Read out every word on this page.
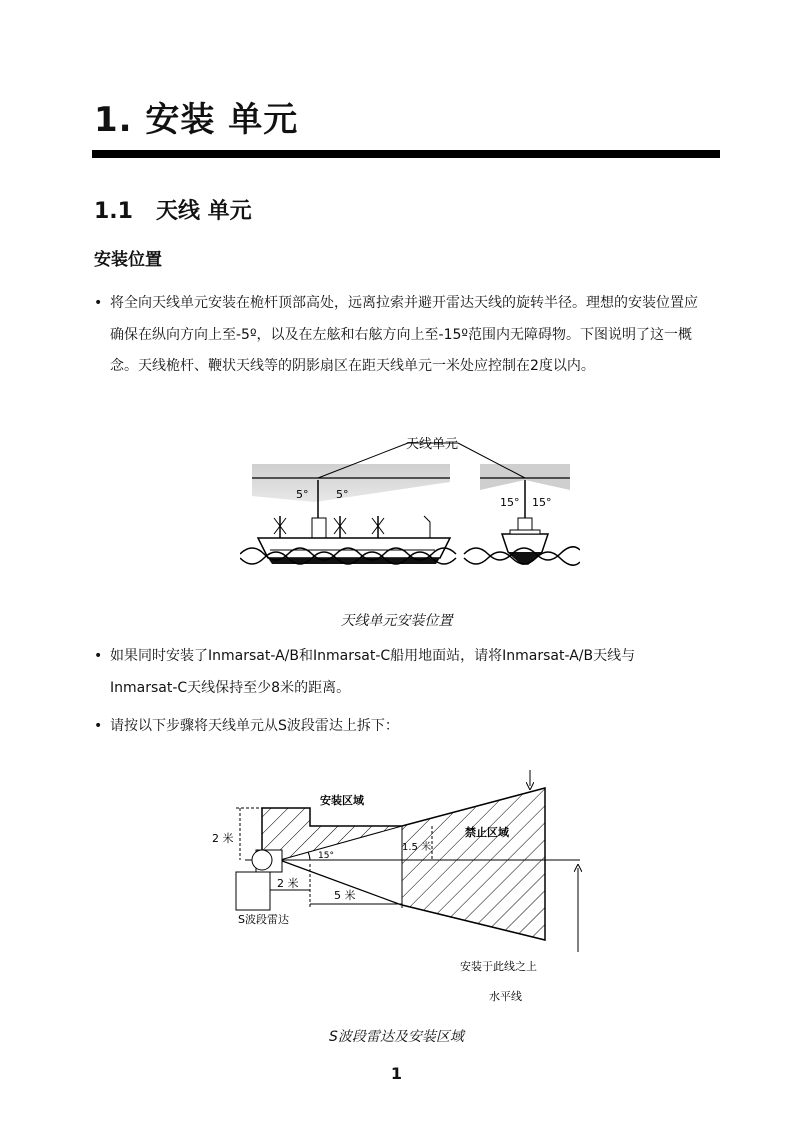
1. 安装 单元
1.1 天线 单元
安装位置
• 将全向天线单元安装在桅杆顶部高处，远离拉索并避开雷达天线的旋转半径。理想的安装位置应确保在纵向方向上至-5º，以及在左舷和右舷方向上至-15º范围内无障碍物。下图说明了这一概念。天线桅杆、鞭状天线等的阴影扇区在距天线单元一米处应控制在2度以内。
天线单元
5°	5°
15° 15°
天线单元安装位置
• 如果同时安装了Inmarsat-A/B和Inmarsat-C船用地面站，请将Inmarsat-A/B天线与Inmarsat-C天线保持至少8米的距离。
• 请按以下步骤将天线单元从S波段雷达上拆下：
2 米
2 米
5 米
1.5 米
15°
安装区域
禁止区域
S波段雷达
安装于此线之上
水平线
S波段雷达及安装区域
1
